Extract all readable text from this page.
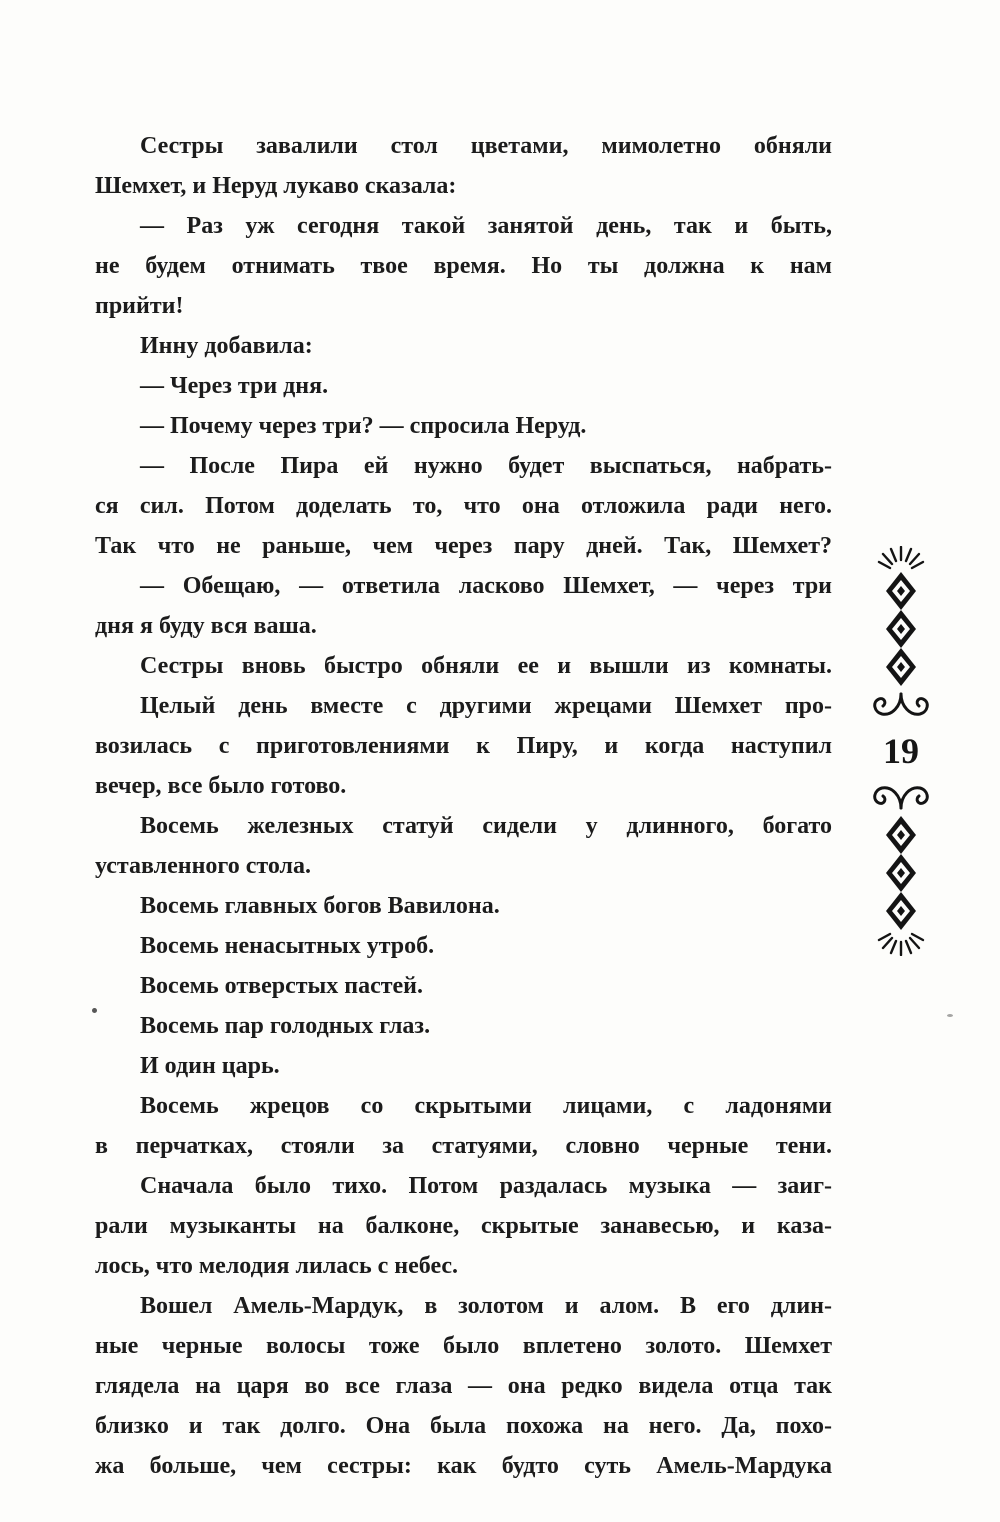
Сестры завалили стол цветами, мимолетно обняли
Шемхет, и Неруд лукаво сказала:
— Раз уж сегодня такой занятой день, так и быть,
не будем отнимать твое время. Но ты должна к нам
прийти!
Инну добавила:
— Через три дня.
— Почему через три? — спросила Неруд.
— После Пира ей нужно будет выспаться, набрать-
ся сил. Потом доделать то, что она отложила ради него.
Так что не раньше, чем через пару дней. Так, Шемхет?
— Обещаю, — ответила ласково Шемхет, — через три
дня я буду вся ваша.
Сестры вновь быстро обняли ее и вышли из комнаты.
Целый день вместе с другими жрецами Шемхет про-
возилась с приготовлениями к Пиру, и когда наступил
вечер, все было готово.
Восемь железных статуй сидели у длинного, богато
уставленного стола.
Восемь главных богов Вавилона.
Восемь ненасытных утроб.
Восемь отверстых пастей.
Восемь пар голодных глаз.
И один царь.
Восемь жрецов со скрытыми лицами, с ладонями
в перчатках, стояли за статуями, словно черные тени.
Сначала было тихо. Потом раздалась музыка — заиг-
рали музыканты на балконе, скрытые занавесью, и каза-
лось, что мелодия лилась с небес.
Вошел Амель-Мардук, в золотом и алом. В его длин-
ные черные волосы тоже было вплетено золото. Шемхет
глядела на царя во все глаза — она редко видела отца так
близко и так долго. Она была похожа на него. Да, похо-
жа больше, чем сестры: как будто суть Амель-Мардука
19
